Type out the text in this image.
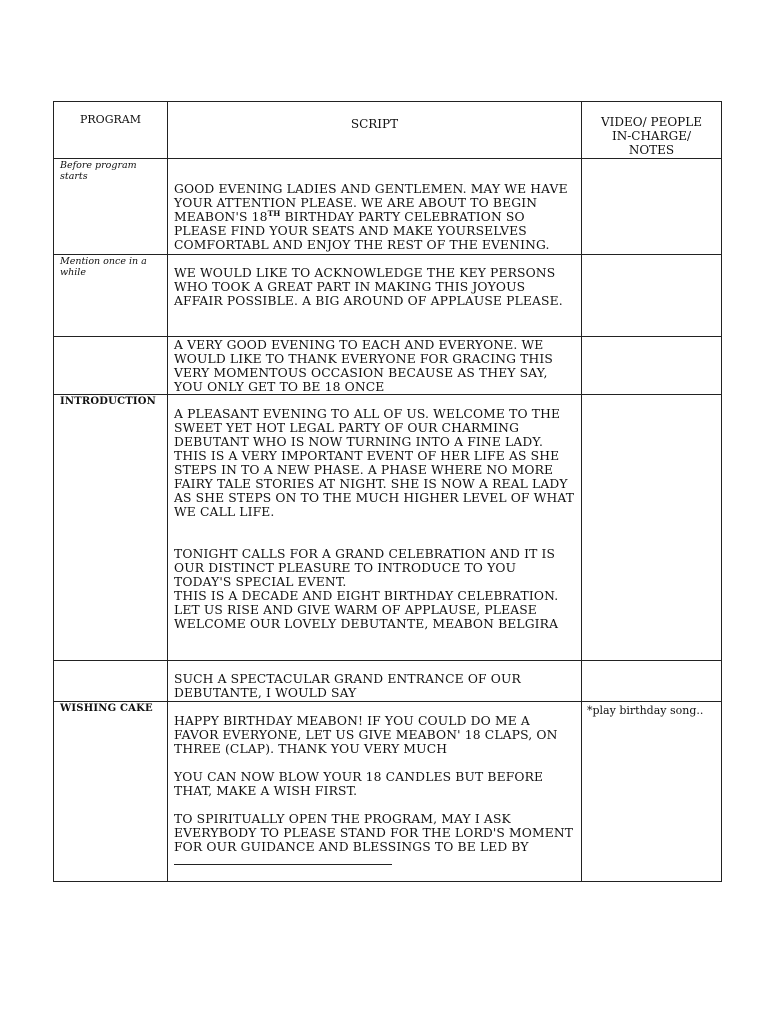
PROGRAM	SCRIPT	VIDEO/ PEOPLE
IN-CHARGE/
NOTES

Before program starts	GOOD EVENING LADIES AND GENTLEMEN. MAY WE HAVE YOUR ATTENTION PLEASE. WE ARE ABOUT TO BEGIN MEABON'S 18TH BIRTHDAY PARTY CELEBRATION SO PLEASE FIND YOUR SEATS AND MAKE YOURSELVES COMFORTABL AND ENJOY THE REST OF THE EVENING.	

Mention once in a while	WE WOULD LIKE TO ACKNOWLEDGE THE KEY PERSONS WHO TOOK A GREAT PART IN MAKING THIS JOYOUS AFFAIR POSSIBLE. A BIG AROUND OF APPLAUSE PLEASE.	

	A VERY GOOD EVENING TO EACH AND EVERYONE. WE WOULD LIKE TO THANK EVERYONE FOR GRACING THIS VERY MOMENTOUS OCCASION BECAUSE AS THEY SAY, YOU ONLY GET TO BE 18 ONCE	

INTRODUCTION	A PLEASANT EVENING TO ALL OF US. WELCOME TO THE SWEET YET HOT LEGAL PARTY OF OUR CHARMING DEBUTANT WHO IS NOW TURNING INTO A FINE LADY. THIS IS A VERY IMPORTANT EVENT OF HER LIFE AS SHE STEPS IN TO A NEW PHASE. A PHASE WHERE NO MORE FAIRY TALE STORIES AT NIGHT. SHE IS NOW A REAL LADY AS SHE STEPS ON TO THE MUCH HIGHER LEVEL OF WHAT WE CALL LIFE.

TONIGHT CALLS FOR A GRAND CELEBRATION AND IT IS OUR DISTINCT PLEASURE TO INTRODUCE TO YOU TODAY'S SPECIAL EVENT.

THIS IS A DECADE AND EIGHT BIRTHDAY CELEBRATION. LET US RISE AND GIVE WARM OF APPLAUSE, PLEASE WELCOME OUR LOVELY DEBUTANTE, MEABON BELGIRA	

	SUCH A SPECTACULAR GRAND ENTRANCE OF OUR DEBUTANTE, I WOULD SAY	

WISHING CAKE	HAPPY BIRTHDAY MEABON! IF YOU COULD DO ME A FAVOR EVERYONE, LET US GIVE MEABON' 18 CLAPS, ON THREE (CLAP). THANK YOU VERY MUCH

YOU CAN NOW BLOW YOUR 18 CANDLES BUT BEFORE THAT, MAKE A WISH FIRST.

TO SPIRITUALLY OPEN THE PROGRAM, MAY I ASK EVERYBODY TO PLEASE STAND FOR THE LORD'S MOMENT FOR OUR GUIDANCE AND BLESSINGS TO BE LED BY	*play birthday song..
